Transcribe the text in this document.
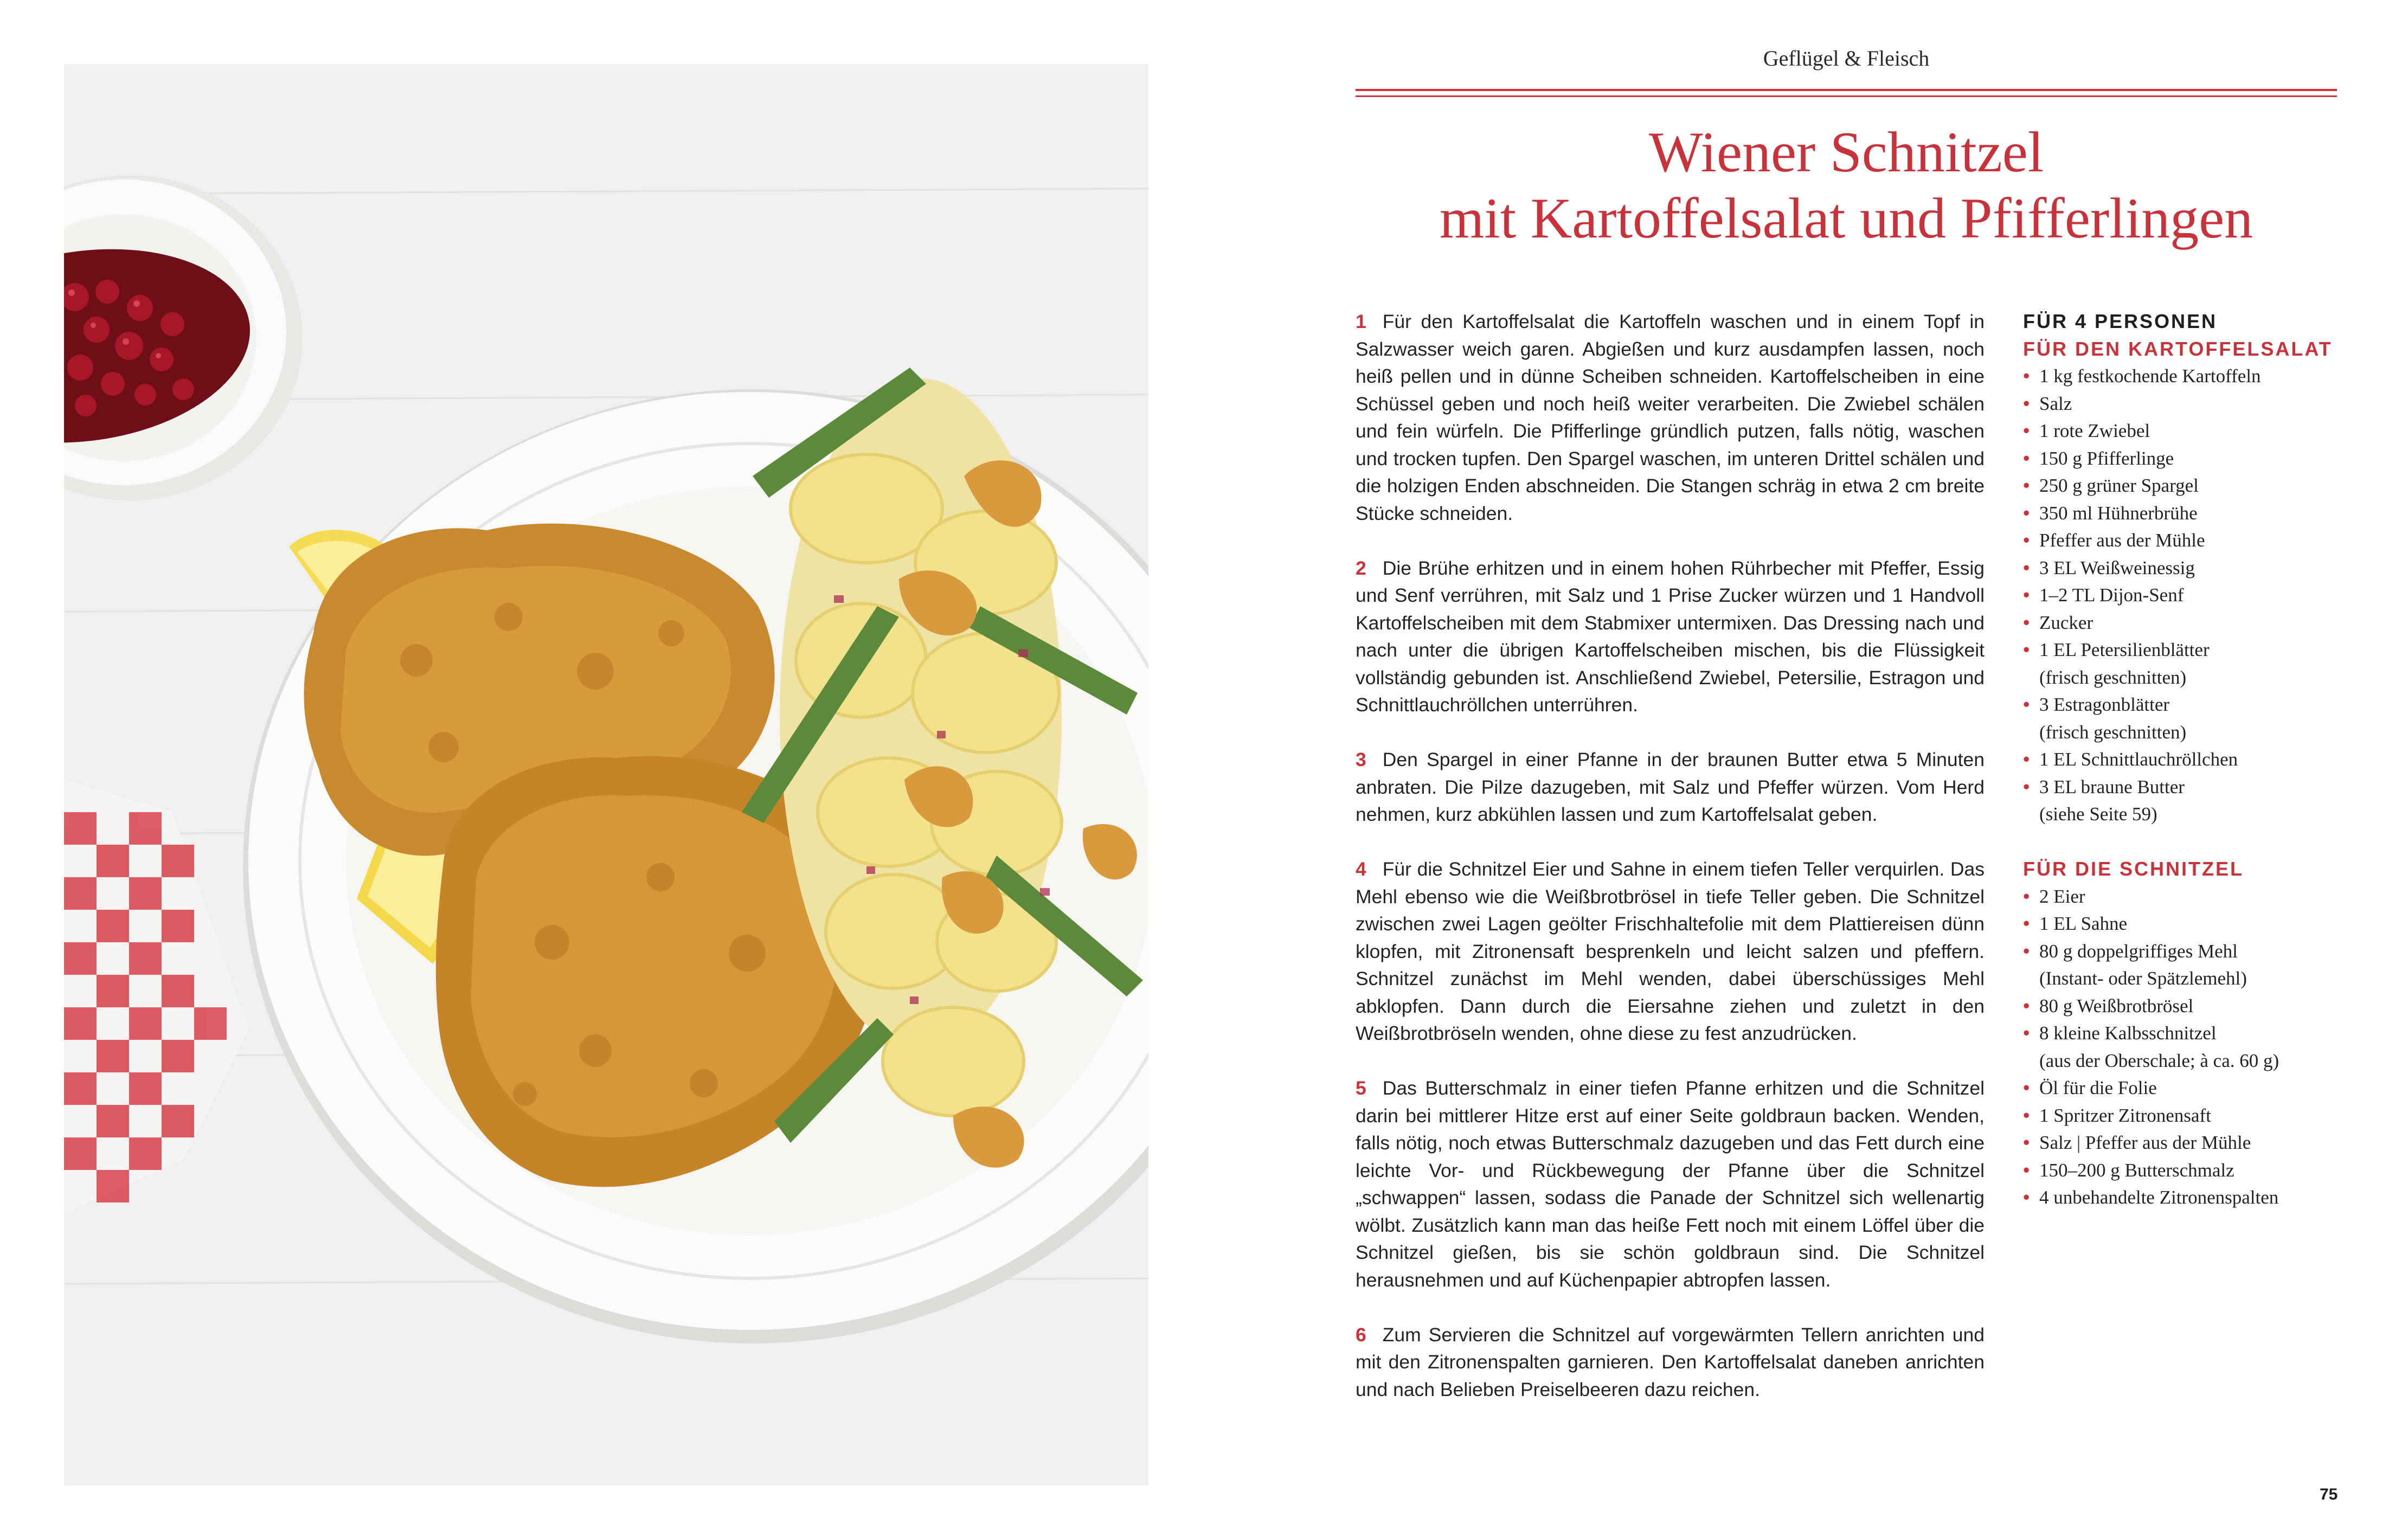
Geflügel & Fleisch
Wiener Schnitzel
mit Kartoffelsalat und Pfifferlingen

1 Für den Kartoffelsalat die Kartoffeln waschen und in einem Topf in Salzwasser weich garen. Abgießen und kurz ausdampfen lassen, noch heiß pellen und in dünne Scheiben schneiden. Kartoffelscheiben in eine Schüssel geben und noch heiß weiter verarbeiten. Die Zwiebel schälen und fein würfeln. Die Pfifferlinge gründlich putzen, falls nötig, waschen und trocken tupfen. Den Spargel waschen, im unteren Drittel schälen und die holzigen Enden abschneiden. Die Stangen schräg in etwa 2 cm breite Stücke schneiden.

2 Die Brühe erhitzen und in einem hohen Rührbecher mit Pfeffer, Essig und Senf verrühren, mit Salz und 1 Prise Zucker würzen und 1 Handvoll Kartoffelscheiben mit dem Stabmixer untermixen. Das Dressing nach und nach unter die übrigen Kartoffelscheiben mischen, bis die Flüssigkeit vollständig gebunden ist. Anschließend Zwiebel, Petersilie, Estragon und Schnittlauchröllchen unterrühren.

3 Den Spargel in einer Pfanne in der braunen Butter etwa 5 Minuten anbraten. Die Pilze dazugeben, mit Salz und Pfeffer würzen. Vom Herd nehmen, kurz abkühlen lassen und zum Kartoffelsalat geben.

4 Für die Schnitzel Eier und Sahne in einem tiefen Teller verquirlen. Das Mehl ebenso wie die Weißbrotbrösel in tiefe Teller geben. Die Schnitzel zwischen zwei Lagen geölter Frischhaltefolie mit dem Plattiereisen dünn klopfen, mit Zitronensaft besprenkeln und leicht salzen und pfeffern. Schnitzel zunächst im Mehl wenden, dabei überschüssiges Mehl abklopfen. Dann durch die Eiersahne ziehen und zuletzt in den Weißbrotbröseln wenden, ohne diese zu fest anzudrücken.

5 Das Butterschmalz in einer tiefen Pfanne erhitzen und die Schnitzel darin bei mittlerer Hitze erst auf einer Seite goldbraun backen. Wenden, falls nötig, noch etwas Butterschmalz dazugeben und das Fett durch eine leichte Vor- und Rückbewegung der Pfanne über die Schnitzel „schwappen“ lassen, sodass die Panade der Schnitzel sich wellenartig wölbt. Zusätzlich kann man das heiße Fett noch mit einem Löffel über die Schnitzel gießen, bis sie schön goldbraun sind. Die Schnitzel herausnehmen und auf Küchenpapier abtropfen lassen.

6 Zum Servieren die Schnitzel auf vorgewärmten Tellern anrichten und mit den Zitronenspalten garnieren. Den Kartoffelsalat daneben anrichten und nach Belieben Preiselbeeren dazu reichen.

FÜR 4 PERSONEN
FÜR DEN KARTOFFELSALAT
• 1 kg festkochende Kartoffeln
• Salz
• 1 rote Zwiebel
• 150 g Pfifferlinge
• 250 g grüner Spargel
• 350 ml Hühnerbrühe
• Pfeffer aus der Mühle
• 3 EL Weißweinessig
• 1–2 TL Dijon-Senf
• Zucker
• 1 EL Petersilienblätter
(frisch geschnitten)
• 3 Estragonblätter
(frisch geschnitten)
• 1 EL Schnittlauchröllchen
• 3 EL braune Butter
(siehe Seite 59)
FÜR DIE SCHNITZEL
• 2 Eier
• 1 EL Sahne
• 80 g doppelgriffiges Mehl
(Instant- oder Spätzlemehl)
• 80 g Weißbrotbrösel
• 8 kleine Kalbsschnitzel
(aus der Oberschale; à ca. 60 g)
• Öl für die Folie
• 1 Spritzer Zitronensaft
• Salz | Pfeffer aus der Mühle
• 150–200 g Butterschmalz
• 4 unbehandelte Zitronenspalten
75
